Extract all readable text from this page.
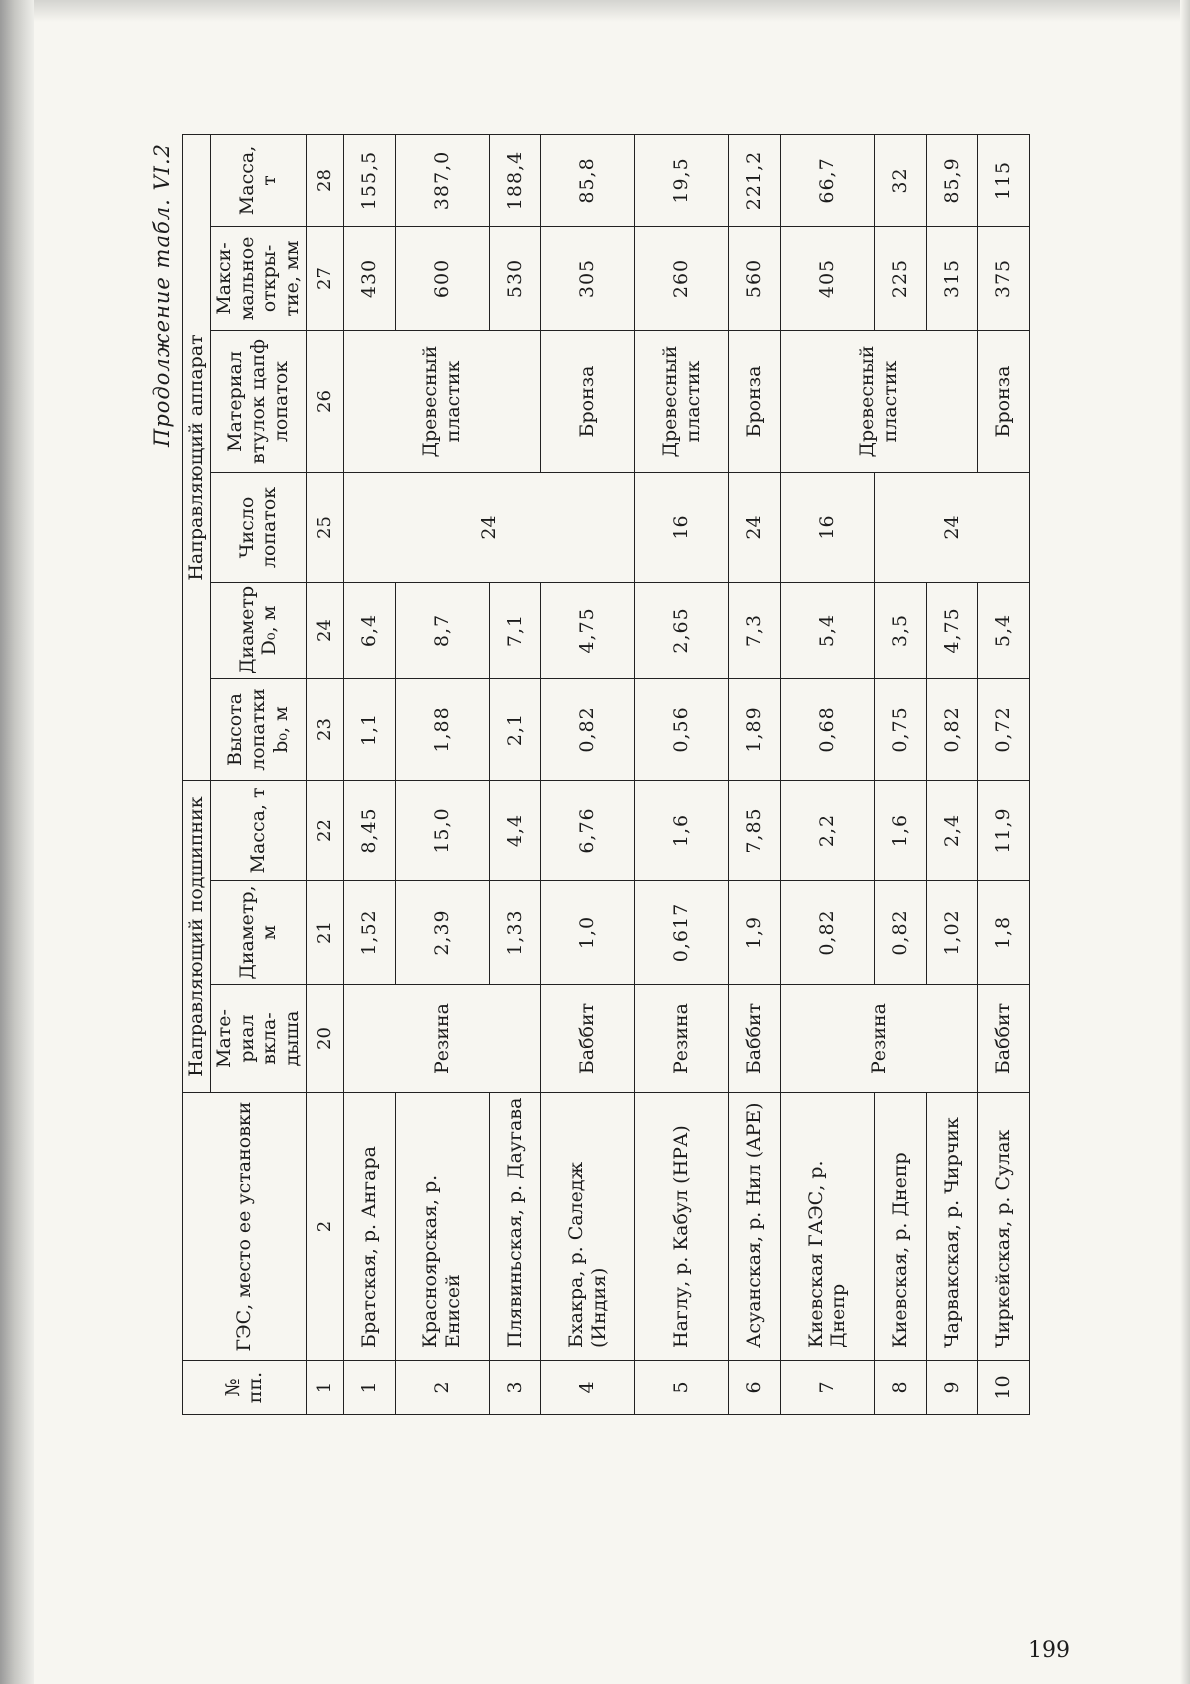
Продолжение табл. VI.2
№ пп.	ГЭС, место ее установки	Направляющий подшипник			Направляющий аппарат					
		Мате-риал вкла-дыша	Диаметр, м	Масса, т	Высота лопатки b₀, м	Диаметр D₀, м	Число лопаток	Материал втулок цапф лопаток	Макси-мальное откры-тие, мм	Масса, т
1	2	20	21	22	23	24	25	26	27	28
1	Братская, р. Ангара	Резина	1,52	8,45	1,1	6,4	24	Древесный пластик	430	155,5
2	Красноярская, р. Енисей		2,39	15,0	1,88	8,7			600	387,0
3	Плявиньская, р. Даугава		1,33	4,4	2,1	7,1			530	188,4
4	Бхакра, р. Саледж (Индия)	Баббит	1,0	6,76	0,82	4,75		Бронза	305	85,8
5	Наглу, р. Кабул (НРА)	Резина	0,617	1,6	0,56	2,65	16	Древесный пластик	260	19,5
6	Асуанская, р. Нил (АРЕ)	Баббит	1,9	7,85	1,89	7,3	24	Бронза	560	221,2
7	Киевская ГАЭС, р. Днепр	Резина	0,82	2,2	0,68	5,4	16	Древесный пластик	405	66,7
8	Киевская, р. Днепр		0,82	1,6	0,75	3,5	24		225	32
9	Чарвакская, р. Чирчик		1,02	2,4	0,82	4,75			315	85,9
10	Чиркейская, р. Сулак	Баббит	1,8	11,9	0,72	5,4		Бронза	375	115
199
